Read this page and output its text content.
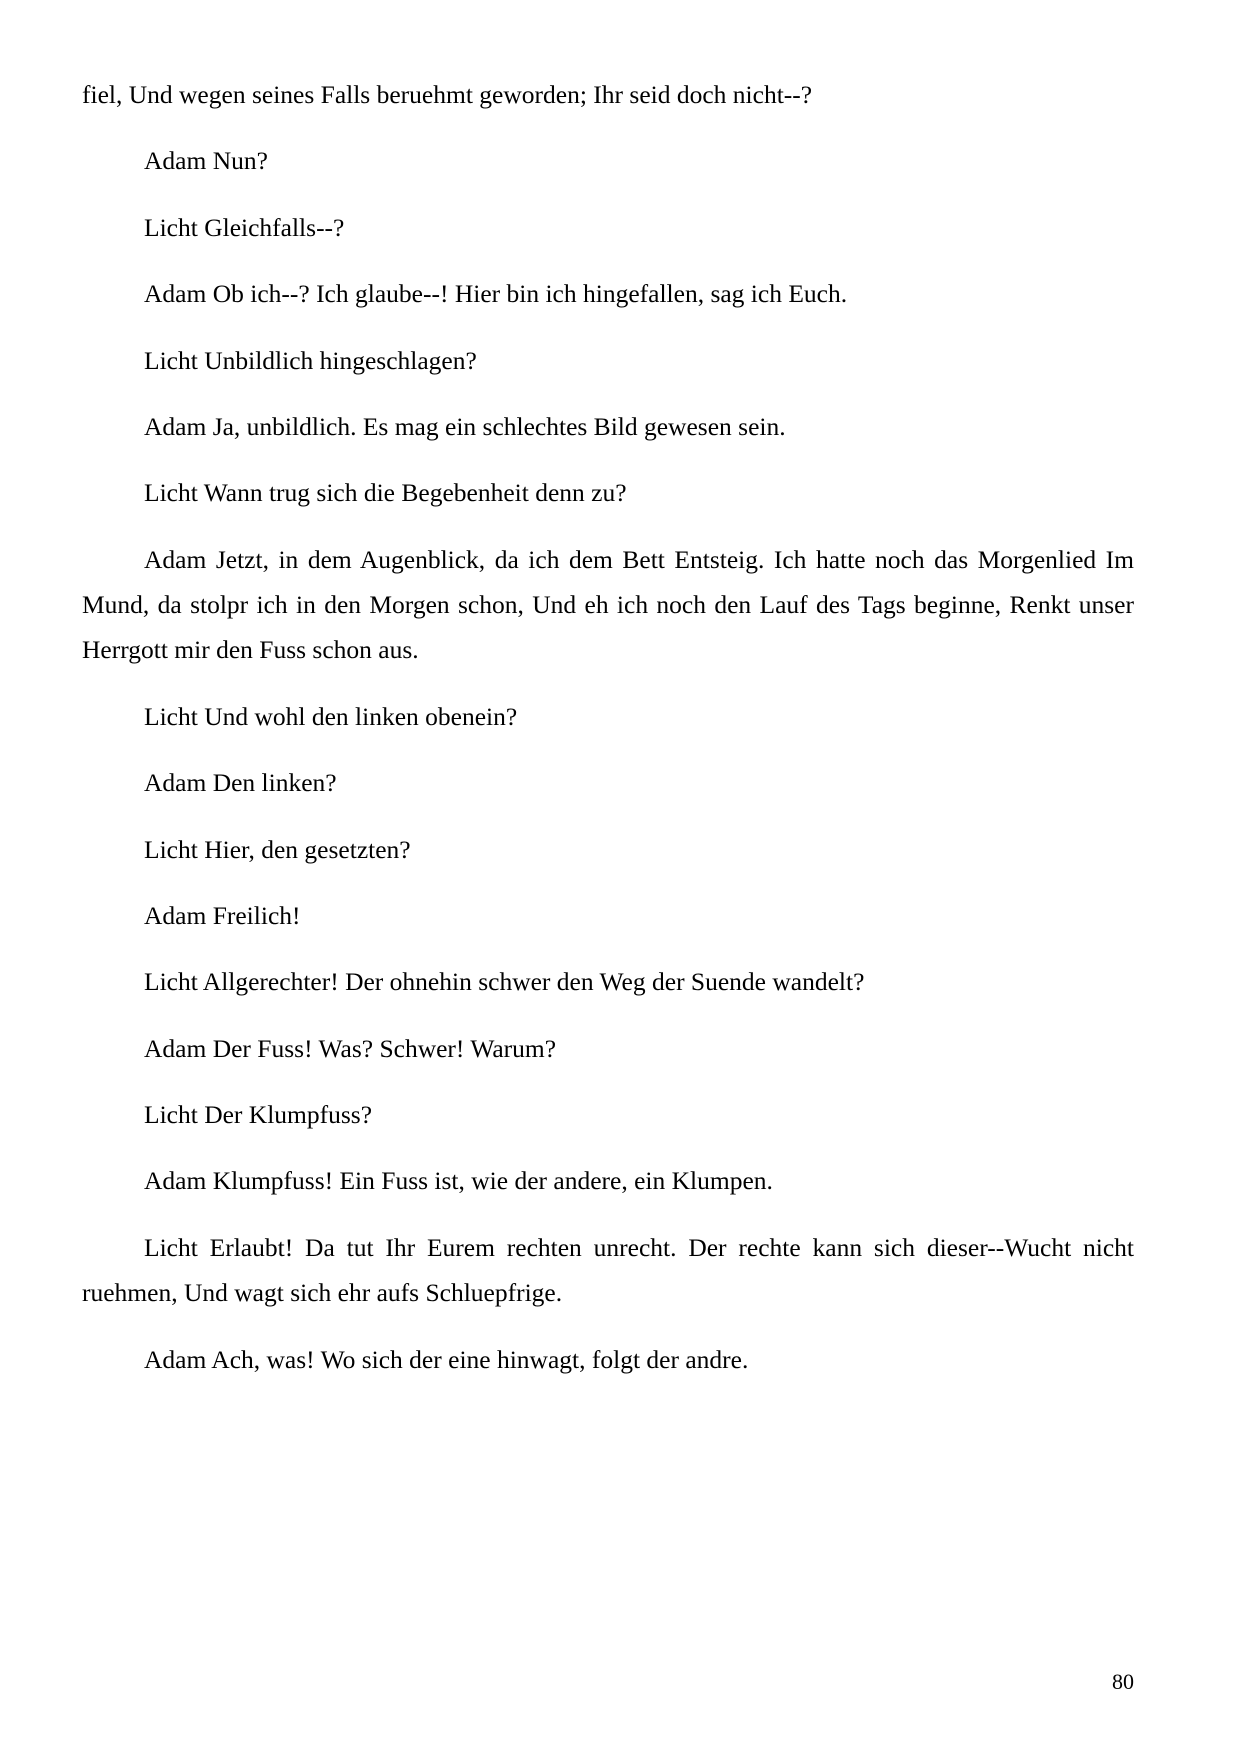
fiel, Und wegen seines Falls beruehmt geworden; Ihr seid doch nicht--?

Adam Nun?

Licht Gleichfalls--?

Adam Ob ich--? Ich glaube--! Hier bin ich hingefallen, sag ich Euch.

Licht Unbildlich hingeschlagen?

Adam Ja, unbildlich. Es mag ein schlechtes Bild gewesen sein.

Licht Wann trug sich die Begebenheit denn zu?

Adam Jetzt, in dem Augenblick, da ich dem Bett Entsteig. Ich hatte noch das Morgenlied Im Mund, da stolpr ich in den Morgen schon, Und eh ich noch den Lauf des Tags beginne, Renkt unser Herrgott mir den Fuss schon aus.

Licht Und wohl den linken obenein?

Adam Den linken?

Licht Hier, den gesetzten?

Adam Freilich!

Licht Allgerechter! Der ohnehin schwer den Weg der Suende wandelt?

Adam Der Fuss! Was? Schwer! Warum?

Licht Der Klumpfuss?

Adam Klumpfuss! Ein Fuss ist, wie der andere, ein Klumpen.

Licht Erlaubt! Da tut Ihr Eurem rechten unrecht. Der rechte kann sich dieser--Wucht nicht ruehmen, Und wagt sich ehr aufs Schluepfrige.

Adam Ach, was! Wo sich der eine hinwagt, folgt der andre.

80
